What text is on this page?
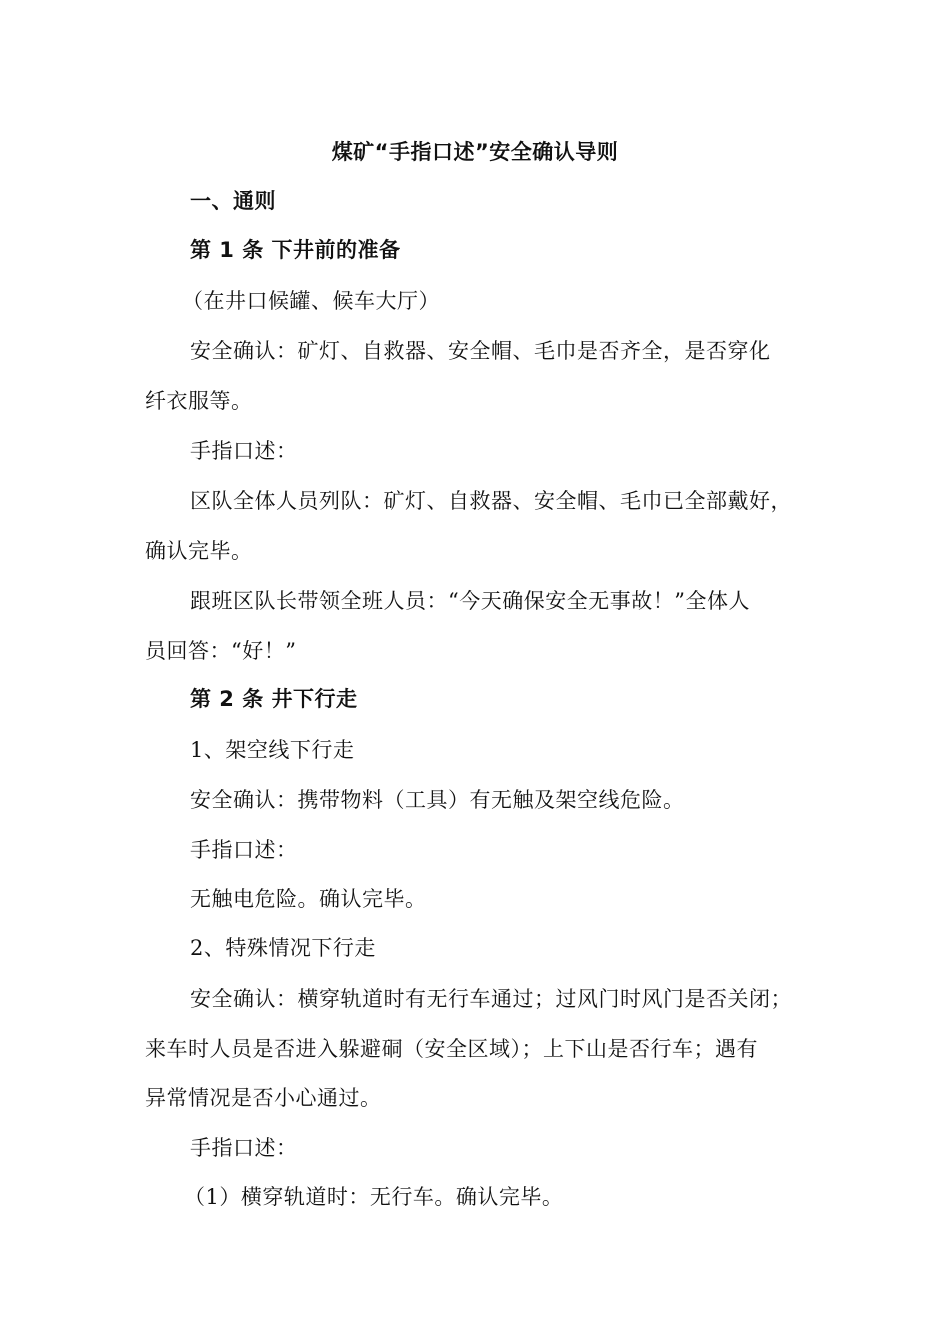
煤矿“手指口述”安全确认导则
一、通则
第 1 条 下井前的准备
（在井口候罐、候车大厅）
安全确认：矿灯、自救器、安全帽、毛巾是否齐全，是否穿化
纤衣服等。
手指口述：
区队全体人员列队：矿灯、自救器、安全帽、毛巾已全部戴好，
确认完毕。
跟班区队长带领全班人员：“今天确保安全无事故！”全体人
员回答：“好！”
第 2 条 井下行走
1、架空线下行走
安全确认：携带物料（工具）有无触及架空线危险。
手指口述：
无触电危险。确认完毕。
2、特殊情况下行走
安全确认：横穿轨道时有无行车通过；过风门时风门是否关闭；
来车时人员是否进入躲避硐（安全区域）；上下山是否行车；遇有
异常情况是否小心通过。
手指口述：
（1）横穿轨道时：无行车。确认完毕。
